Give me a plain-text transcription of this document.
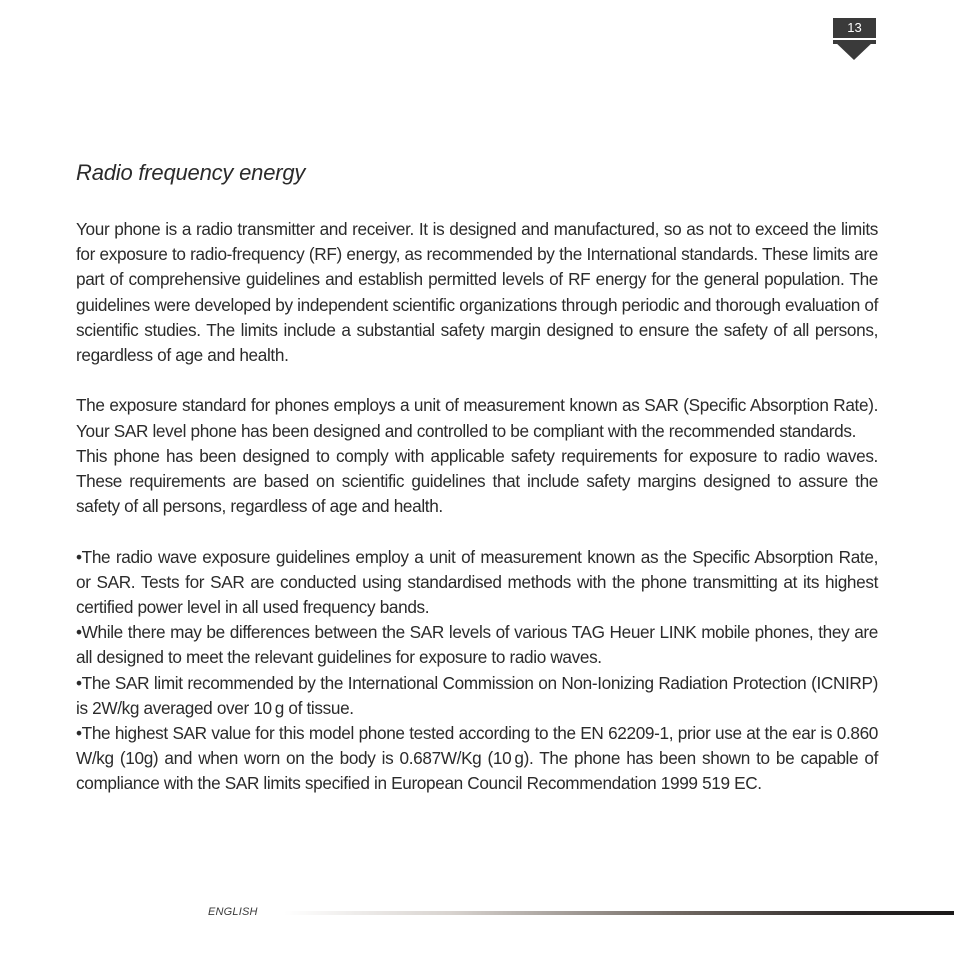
13
Radio frequency energy

Your phone is a radio transmitter and receiver. It is designed and manufactured, so as not to exceed the limits for exposure to radio-frequency (RF) energy, as recommended by the International standards. These limits are part of comprehensive guidelines and establish permitted levels of RF energy for the general population. The guidelines were developed by independent scientific organizations through periodic and thorough evaluation of scientific studies. The limits include a substantial safety margin designed to ensure the safety of all persons, regardless of age and health.

The exposure standard for phones employs a unit of measurement known as SAR (Specific Absorption Rate). Your SAR level phone has been designed and controlled to be compliant with the recommended standards.

This phone has been designed to comply with applicable safety requirements for exposure to radio waves. These requirements are based on scientific guidelines that include safety margins designed to assure the safety of all persons, regardless of age and health.

•The radio wave exposure guidelines employ a unit of measurement known as the Specific Absorption Rate, or SAR. Tests for SAR are conducted using standardised methods with the phone transmitting at its highest certified power level in all used frequency bands.

•While there may be differences between the SAR levels of various TAG Heuer LINK mobile phones, they are all designed to meet the relevant guidelines for exposure to radio waves.

•The SAR limit recommended by the International Commission on Non-Ionizing Radiation Protection (ICNIRP) is 2W/kg averaged over 10 g of tissue.

•The highest SAR value for this model phone tested according to the EN 62209-1, prior use at the ear is 0.860 W/kg (10g) and when worn on the body is 0.687W/Kg (10 g). The phone has been shown to be capable of compliance with the SAR limits specified in European Council Recommendation 1999 519 EC.

ENGLISH
